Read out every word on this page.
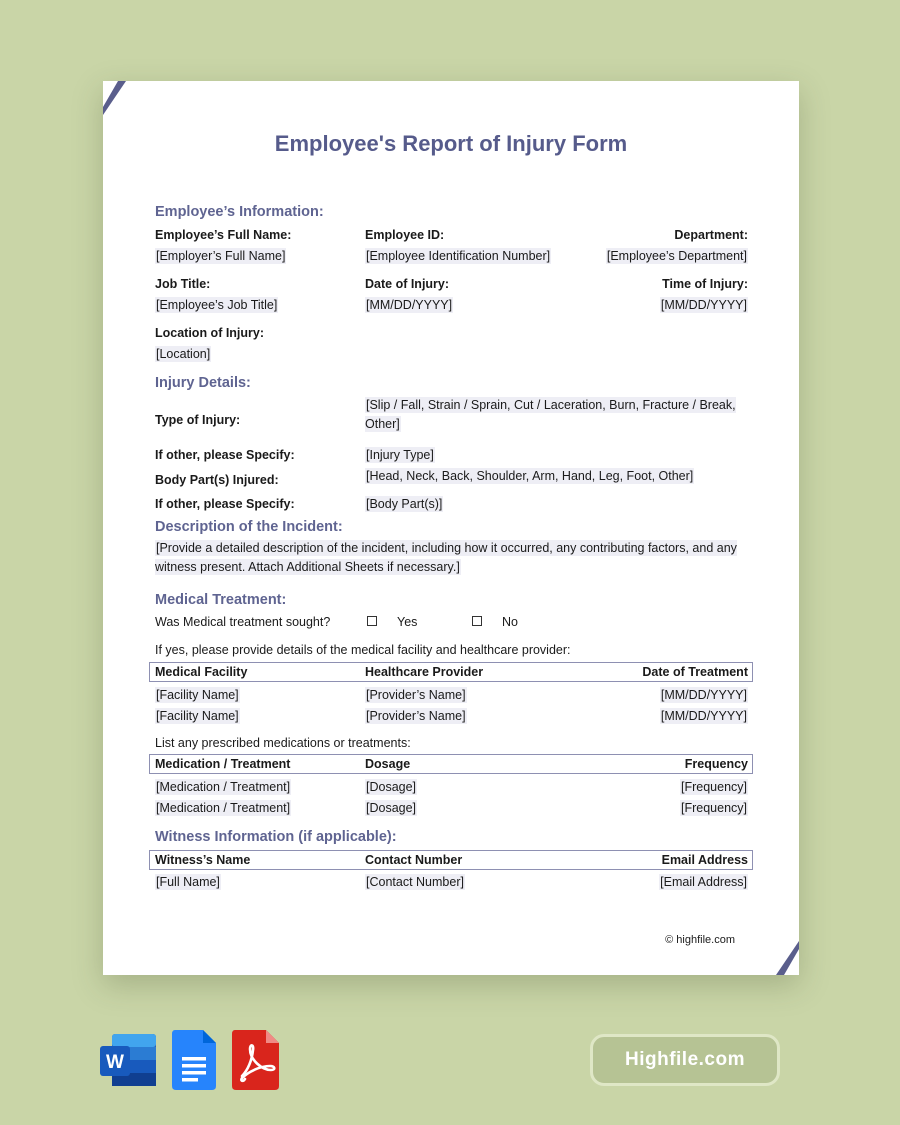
Employee's Report of Injury Form
Employee’s Information:
Employee’s Full Name:	Employee ID:	Department:
[Employer’s Full Name]	[Employee Identification Number]	[Employee’s Department]
Job Title:	Date of Injury:	Time of Injury:
[Employee’s Job Title]	[MM/DD/YYYY]	[MM/DD/YYYY]
Location of Injury:
[Location]
Injury Details:
Type of Injury:
[Slip / Fall, Strain / Sprain, Cut / Laceration, Burn, Fracture / Break, Other]
If other, please Specify:	[Injury Type]
Body Part(s) Injured:	[Head, Neck, Back, Shoulder, Arm, Hand, Leg, Foot, Other]
If other, please Specify:	[Body Part(s)]
Description of the Incident:
[Provide a detailed description of the incident, including how it occurred, any contributing factors, and any witness present. Attach Additional Sheets if necessary.]
Medical Treatment:
Was Medical treatment sought?	Yes	No
If yes, please provide details of the medical facility and healthcare provider:
Medical Facility	Healthcare Provider	Date of Treatment
[Facility Name]	[Provider’s Name]	[MM/DD/YYYY]
[Facility Name]	[Provider’s Name]	[MM/DD/YYYY]
List any prescribed medications or treatments:
Medication / Treatment	Dosage	Frequency
[Medication / Treatment]	[Dosage]	[Frequency]
[Medication / Treatment]	[Dosage]	[Frequency]
Witness Information (if applicable):
Witness’s Name	Contact Number	Email Address
[Full Name]	[Contact Number]	[Email Address]
© highfile.com
W	Highfile.com
